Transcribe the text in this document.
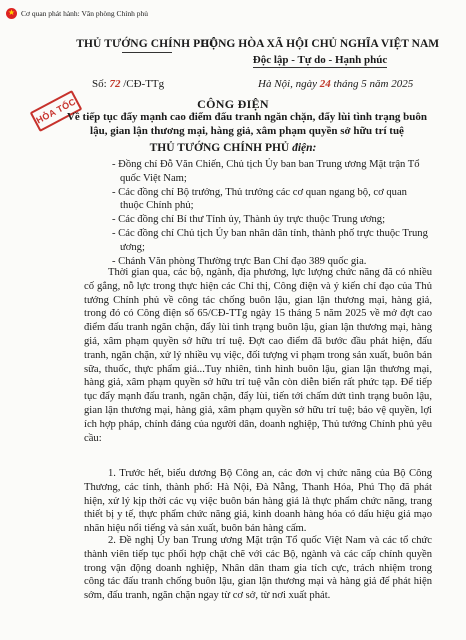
★ Cơ quan phát hành: Văn phòng Chính phủ
THỦ TƯỚNG CHÍNH PHỦ
CỘNG HÒA XÃ HỘI CHỦ NGHĨA VIỆT NAM
Độc lập - Tự do - Hạnh phúc
Số: 72 /CĐ-TTg	Hà Nội, ngày 24 tháng 5 năm 2025
HỎA TỐC	CÔNG ĐIỆN
Về tiếp tục đẩy mạnh cao điểm đấu tranh ngăn chặn, đẩy lùi tình trạng buôn lậu, gian lận thương mại, hàng giả, xâm phạm quyền sở hữu trí tuệ
THỦ TƯỚNG CHÍNH PHỦ điện:
- Đồng chí Đỗ Văn Chiến, Chủ tịch Ủy ban ban Trung ương Mặt trận Tổ quốc Việt Nam;
- Các đồng chí Bộ trưởng, Thủ trưởng các cơ quan ngang bộ, cơ quan thuộc Chính phủ;
- Các đồng chí Bí thư Tỉnh ủy, Thành ủy trực thuộc Trung ương;
- Các đồng chí Chủ tịch Ủy ban nhân dân tỉnh, thành phố trực thuộc Trung ương;
- Chánh Văn phòng Thường trực Ban Chỉ đạo 389 quốc gia.
Thời gian qua, các bộ, ngành, địa phương, lực lượng chức năng đã có nhiều cố gắng, nỗ lực trong thực hiện các Chỉ thị, Công điện và ý kiến chỉ đạo của Thủ tướng Chính phủ về công tác chống buôn lậu, gian lận thương mại, hàng giả, trong đó có Công điện số 65/CĐ-TTg ngày 15 tháng 5 năm 2025 về mở đợt cao điểm đấu tranh ngăn chặn, đẩy lùi tình trạng buôn lậu, gian lận thương mại, hàng giả, xâm phạm quyền sở hữu trí tuệ. Đợt cao điểm đã bước đầu phát hiện, đấu tranh, ngăn chặn, xử lý nhiều vụ việc, đối tượng vi phạm trong sản xuất, buôn bán sữa, thuốc, thực phẩm giả...Tuy nhiên, tình hình buôn lậu, gian lận thương mại, hàng giả, xâm phạm quyền sở hữu trí tuệ vẫn còn diễn biến rất phức tạp. Để tiếp tục đẩy mạnh đấu tranh, ngăn chặn, đẩy lùi, tiến tới chấm dứt tình trạng buôn lậu, gian lận thương mại, hàng giả, xâm phạm quyền sở hữu trí tuệ; bảo vệ quyền, lợi ích hợp pháp, chính đáng của người dân, doanh nghiệp, Thủ tướng Chính phủ yêu cầu:
1. Trước hết, biểu dương Bộ Công an, các đơn vị chức năng của Bộ Công Thương, các tỉnh, thành phố: Hà Nội, Đà Nẵng, Thanh Hóa, Phú Thọ đã phát hiện, xử lý kịp thời các vụ việc buôn bán hàng giả là thực phẩm chức năng, trang thiết bị y tế, thực phẩm chức năng giả, kinh doanh hàng hóa có dấu hiệu giả mạo nhãn hiệu nổi tiếng và sản xuất, buôn bán hàng cấm.
2. Đề nghị Ủy ban Trung ương Mặt trận Tổ quốc Việt Nam và các tổ chức thành viên tiếp tục phối hợp chặt chẽ với các Bộ, ngành và các cấp chính quyền trong vận động doanh nghiệp, Nhân dân tham gia tích cực, trách nhiệm trong công tác đấu tranh chống buôn lậu, gian lận thương mại và hàng giả để phát hiện sớm, đấu tranh, ngăn chặn ngay từ cơ sở, từ nơi xuất phát.
